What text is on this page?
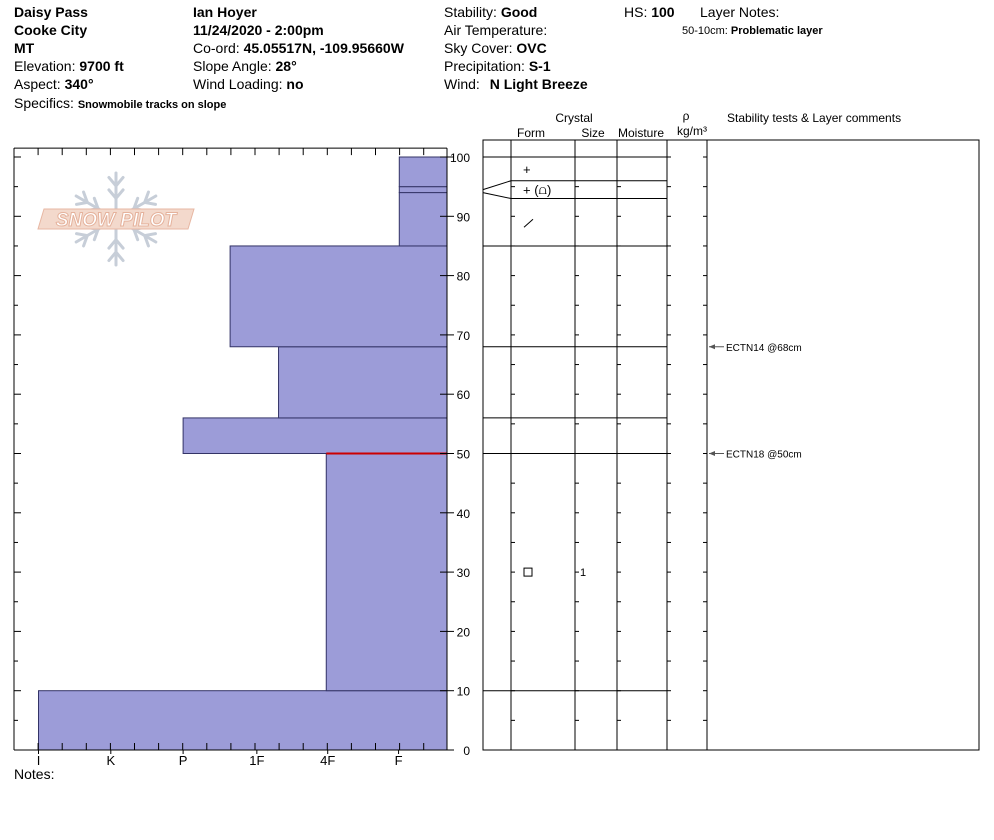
Daisy Pass
Cooke City
MT
Elevation: 9700 ft
Aspect: 340°
Specifics: Snowmobile tracks on slope
Ian Hoyer
11/24/2020 - 2:00pm
Co-ord: 45.05517N, -109.95660W
Slope Angle: 28°
Wind Loading: no
Stability: Good
Air Temperature:
Sky Cover: OVC
Precipitation: S-1
Wind: N Light Breeze
HS: 100 Layer Notes:
50-10cm: Problematic layer
SNOW PILOT
I	K	P	1F	4F	F
0
10
20
30
40
50
60
70
80
90
100
+
+ (⩍)
1
ECTN14 @68cm
ECTN18 @50cm
Crystal
Form	Size Moisture
ρ
kg/m³
Stability tests & Layer comments
Notes:
